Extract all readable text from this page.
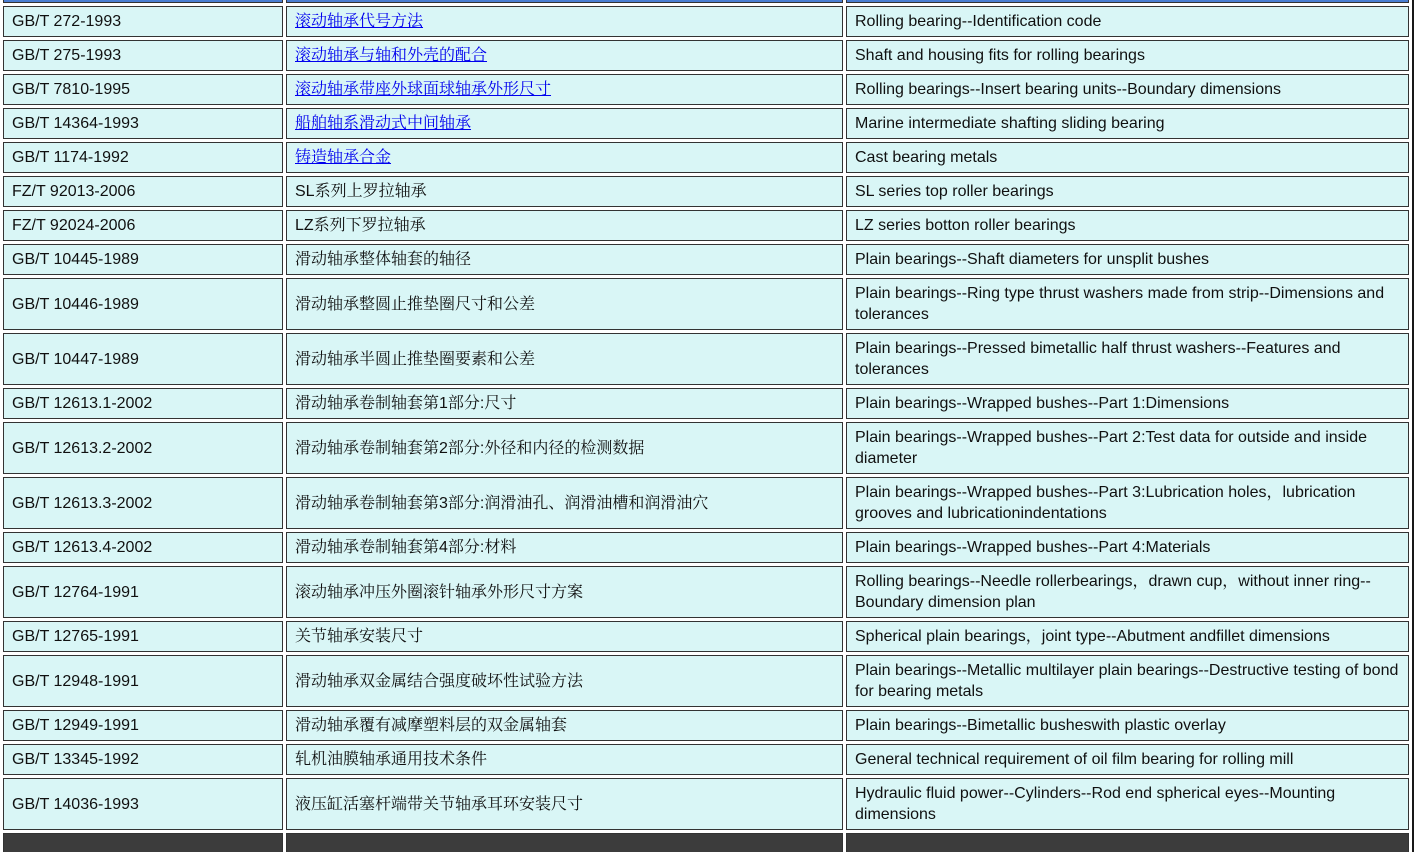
GB/T 272-1993	滚动轴承代号方法	Rolling bearing--Identification code
GB/T 275-1993	滚动轴承与轴和外壳的配合	Shaft and housing fits for rolling bearings
GB/T 7810-1995	滚动轴承带座外球面球轴承外形尺寸	Rolling bearings--Insert bearing units--Boundary dimensions
GB/T 14364-1993	船舶轴系滑动式中间轴承	Marine intermediate shafting sliding bearing
GB/T 1174-1992	铸造轴承合金	Cast bearing metals
FZ/T 92013-2006	SL系列上罗拉轴承	SL series top roller bearings
FZ/T 92024-2006	LZ系列下罗拉轴承	LZ series botton roller bearings
GB/T 10445-1989	滑动轴承整体轴套的轴径	Plain bearings--Shaft diameters for unsplit bushes
GB/T 10446-1989	滑动轴承整圆止推垫圈尺寸和公差	Plain bearings--Ring type thrust washers made from strip--Dimensions and tolerances
GB/T 10447-1989	滑动轴承半圆止推垫圈要素和公差	Plain bearings--Pressed bimetallic half thrust washers--Features and tolerances
GB/T 12613.1-2002	滑动轴承卷制轴套第1部分:尺寸	Plain bearings--Wrapped bushes--Part 1:Dimensions
GB/T 12613.2-2002	滑动轴承卷制轴套第2部分:外径和内径的检测数据	Plain bearings--Wrapped bushes--Part 2:Test data for outside and inside diameter
GB/T 12613.3-2002	滑动轴承卷制轴套第3部分:润滑油孔、润滑油槽和润滑油穴	Plain bearings--Wrapped bushes--Part 3:Lubrication holes，lubrication grooves and lubricationindentations
GB/T 12613.4-2002	滑动轴承卷制轴套第4部分:材料	Plain bearings--Wrapped bushes--Part 4:Materials
GB/T 12764-1991	滚动轴承冲压外圈滚针轴承外形尺寸方案	Rolling bearings--Needle rollerbearings，drawn cup，without inner ring--Boundary dimension plan
GB/T 12765-1991	关节轴承安装尺寸	Spherical plain bearings，joint type--Abutment andfillet dimensions
GB/T 12948-1991	滑动轴承双金属结合强度破坏性试验方法	Plain bearings--Metallic multilayer plain bearings--Destructive testing of bond for bearing metals
GB/T 12949-1991	滑动轴承覆有减摩塑料层的双金属轴套	Plain bearings--Bimetallic busheswith plastic overlay
GB/T 13345-1992	轧机油膜轴承通用技术条件	General technical requirement of oil film bearing for rolling mill
GB/T 14036-1993	液压缸活塞杆端带关节轴承耳环安装尺寸	Hydraulic fluid power--Cylinders--Rod end spherical eyes--Mounting dimensions
